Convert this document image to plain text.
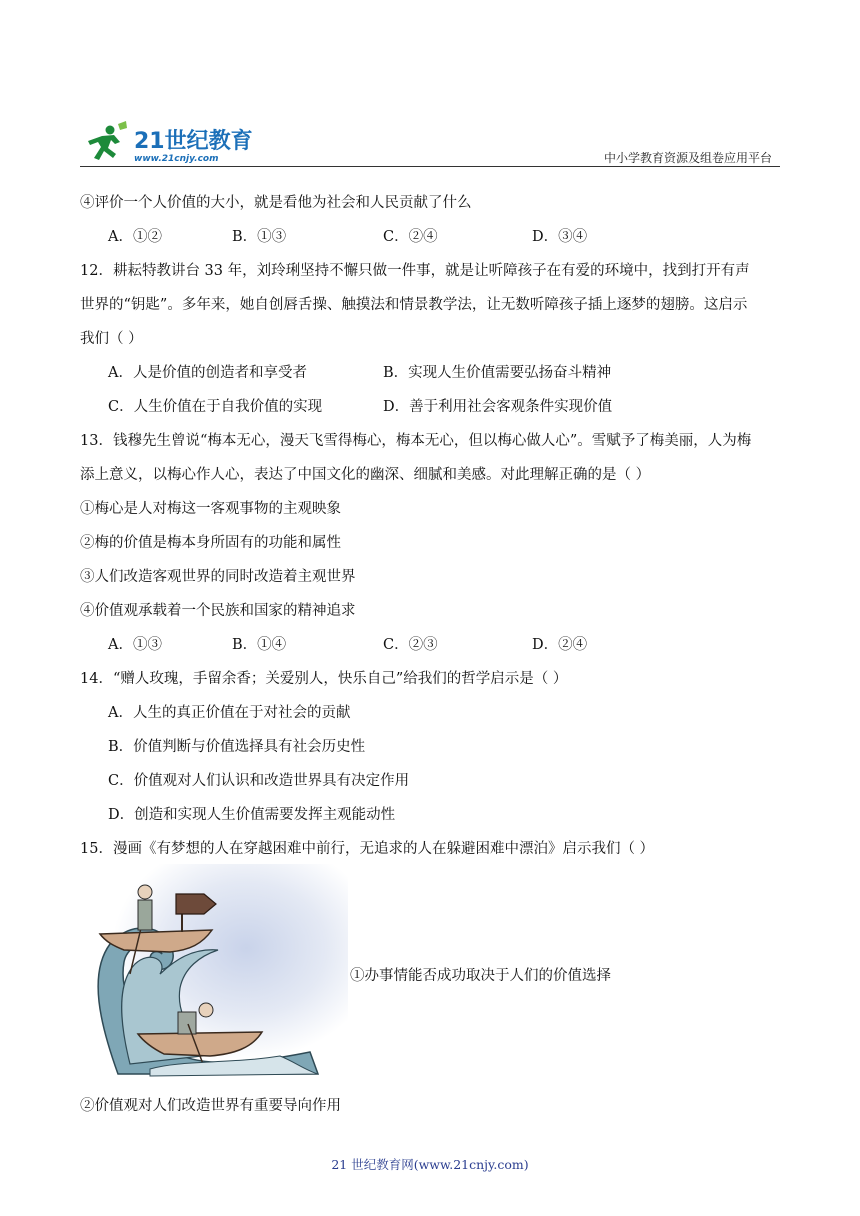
21世纪教育
www.21cnjy.com	中小学教育资源及组卷应用平台
④评价一个人价值的大小，就是看他为社会和人民贡献了什么
A．①②	B．①③	C．②④	D．③④
12．耕耘特教讲台 33 年，刘玲琍坚持不懈只做一件事，就是让听障孩子在有爱的环境中，找到打开有声
世界的“钥匙”。多年来，她自创唇舌操、触摸法和情景教学法，让无数听障孩子插上逐梦的翅膀。这启示
我们（ ）
A．人是价值的创造者和享受者	B．实现人生价值需要弘扬奋斗精神
C．人生价值在于自我价值的实现	D．善于利用社会客观条件实现价值
13．钱穆先生曾说“梅本无心，漫天飞雪得梅心，梅本无心，但以梅心做人心”。雪赋予了梅美丽，人为梅
添上意义，以梅心作人心，表达了中国文化的幽深、细腻和美感。对此理解正确的是（ ）
①梅心是人对梅这一客观事物的主观映象
②梅的价值是梅本身所固有的功能和属性
③人们改造客观世界的同时改造着主观世界
④价值观承载着一个民族和国家的精神追求
A．①③	B．①④	C．②③	D．②④
14．“赠人玫瑰，手留余香；关爱别人，快乐自己”给我们的哲学启示是（ ）
A．人生的真正价值在于对社会的贡献
B．价值判断与价值选择具有社会历史性
C．价值观对人们认识和改造世界具有决定作用
D．创造和实现人生价值需要发挥主观能动性
15．漫画《有梦想的人在穿越困难中前行，无追求的人在躲避困难中漂泊》启示我们（ ）
①办事情能否成功取决于人们的价值选择
②价值观对人们改造世界有重要导向作用
21 世纪教育网(www.21cnjy.com)
